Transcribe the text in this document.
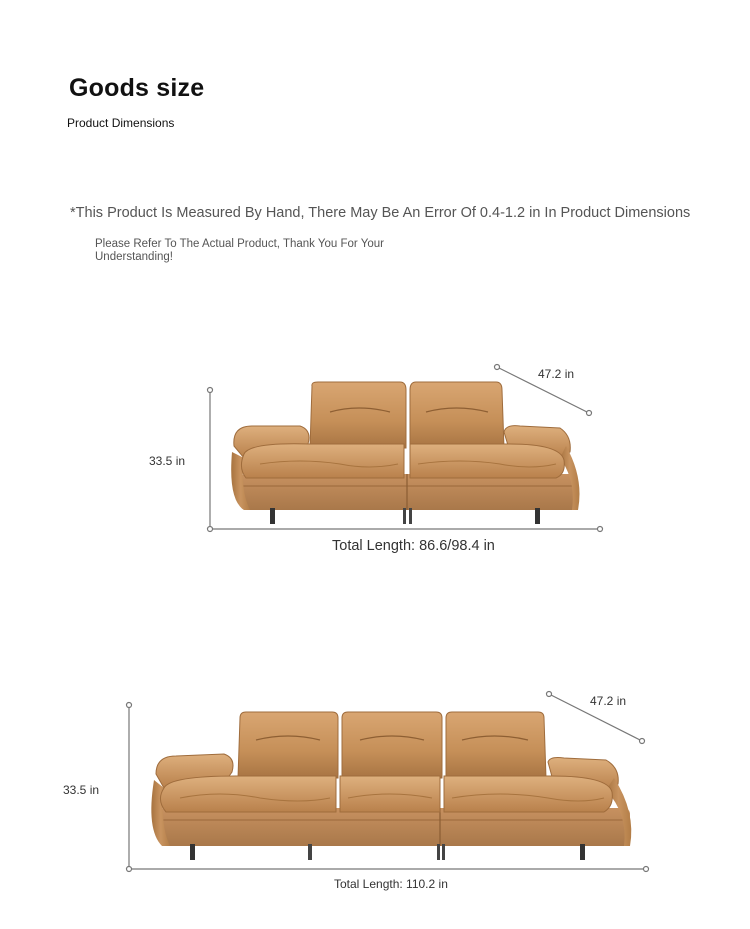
Goods size
Product Dimensions
*This Product Is Measured By Hand, There May Be An Error Of 0.4-1.2 in In Product Dimensions
Please Refer To The Actual Product, Thank You For Your Understanding!
33.5 in
47.2 in
Total Length: 86.6/98.4 in
33.5 in
47.2 in
Total Length: 110.2 in
